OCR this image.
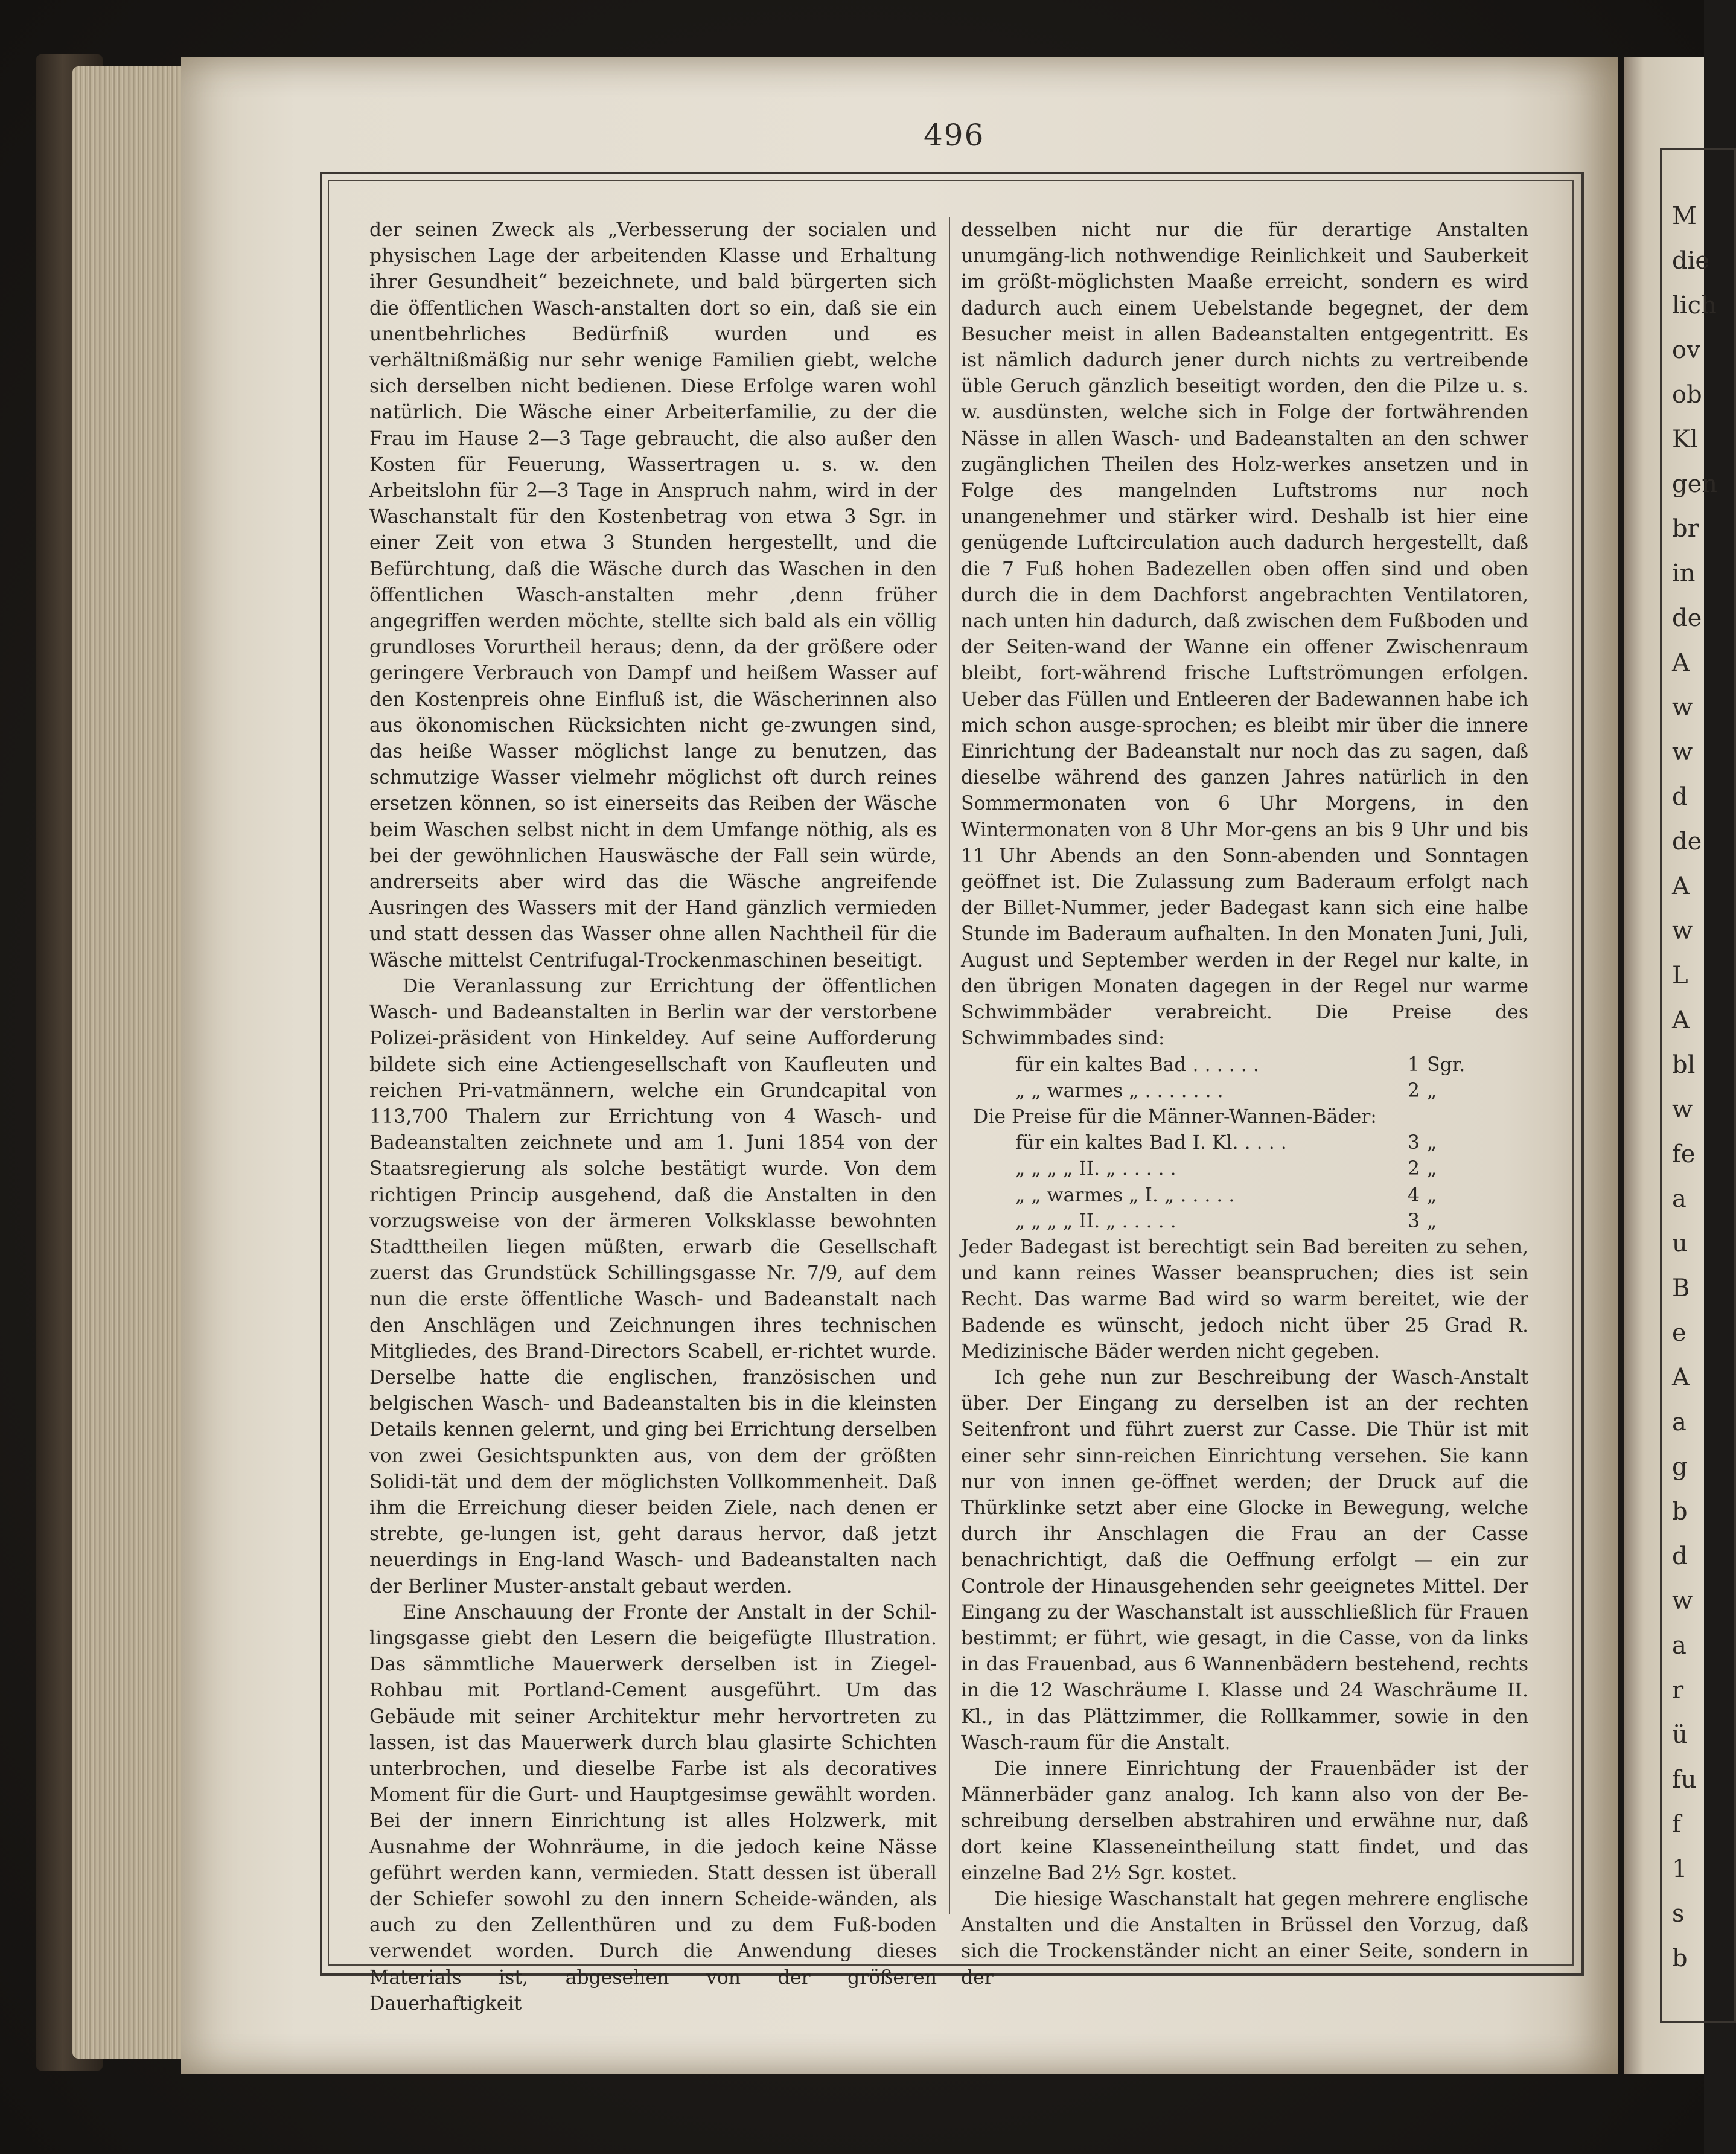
M
die
lich
ov
ob
Kl
gen
br
in
de
A
w
w
d
de
A
w
L
A
bl
w
fe
a
u
B
e
A
a
g
b
d
w
a
r
ü
fu
f
1
s
b
496

der seinen Zweck als „Verbesserung der socialen und physischen Lage der arbeitenden Klasse und Erhaltung ihrer Gesundheit“ bezeichnete, und bald bürgerten sich die öffentlichen Wasch-anstalten dort so ein, daß sie ein unentbehrliches Bedürfniß wurden und es verhältnißmäßig nur sehr wenige Familien giebt, welche sich derselben nicht bedienen. Diese Erfolge waren wohl natürlich. Die Wäsche einer Arbeiterfamilie, zu der die Frau im Hause 2—3 Tage gebraucht, die also außer den Kosten für Feuerung, Wassertragen u. s. w. den Arbeitslohn für 2—3 Tage in Anspruch nahm, wird in der Waschanstalt für den Kostenbetrag von etwa 3 Sgr. in einer Zeit von etwa 3 Stunden hergestellt, und die Befürchtung, daß die Wäsche durch das Waschen in den öffentlichen Wasch-anstalten mehr ,denn früher angegriffen werden möchte, stellte sich bald als ein völlig grundloses Vorurtheil heraus; denn, da der größere oder geringere Verbrauch von Dampf und heißem Wasser auf den Kostenpreis ohne Einfluß ist, die Wäscherinnen also aus ökonomischen Rücksichten nicht ge-zwungen sind, das heiße Wasser möglichst lange zu benutzen, das schmutzige Wasser vielmehr möglichst oft durch reines ersetzen können, so ist einerseits das Reiben der Wäsche beim Waschen selbst nicht in dem Umfange nöthig, als es bei der gewöhnlichen Hauswäsche der Fall sein würde, andrerseits aber wird das die Wäsche angreifende Ausringen des Wassers mit der Hand gänzlich vermieden und statt dessen das Wasser ohne allen Nachtheil für die Wäsche mittelst Centrifugal-Trockenmaschinen beseitigt.

Die Veranlassung zur Errichtung der öffentlichen Wasch- und Badeanstalten in Berlin war der verstorbene Polizei-präsident von Hinkeldey. Auf seine Aufforderung bildete sich eine Actiengesellschaft von Kaufleuten und reichen Pri-vatmännern, welche ein Grundcapital von 113,700 Thalern zur Errichtung von 4 Wasch- und Badeanstalten zeichnete und am 1. Juni 1854 von der Staatsregierung als solche bestätigt wurde. Von dem richtigen Princip ausgehend, daß die Anstalten in den vorzugsweise von der ärmeren Volksklasse bewohnten Stadttheilen liegen müßten, erwarb die Gesellschaft zuerst das Grundstück Schillingsgasse Nr. 7/9, auf dem nun die erste öffentliche Wasch- und Badeanstalt nach den Anschlägen und Zeichnungen ihres technischen Mitgliedes, des Brand-Directors Scabell, er-richtet wurde. Derselbe hatte die englischen, französischen und belgischen Wasch- und Badeanstalten bis in die kleinsten Details kennen gelernt, und ging bei Errichtung derselben von zwei Gesichtspunkten aus, von dem der größten Solidi-tät und dem der möglichsten Vollkommenheit. Daß ihm die Erreichung dieser beiden Ziele, nach denen er strebte, ge-lungen ist, geht daraus hervor, daß jetzt neuerdings in Eng-land Wasch- und Badeanstalten nach der Berliner Muster-anstalt gebaut werden.

Eine Anschauung der Fronte der Anstalt in der Schil-lingsgasse giebt den Lesern die beigefügte Illustration. Das sämmtliche Mauerwerk derselben ist in Ziegel-Rohbau mit Portland-Cement ausgeführt. Um das Gebäude mit seiner Architektur mehr hervortreten zu lassen, ist das Mauerwerk durch blau glasirte Schichten unterbrochen, und dieselbe Farbe ist als decoratives Moment für die Gurt- und Hauptgesimse gewählt worden. Bei der innern Einrichtung ist alles Holzwerk, mit Ausnahme der Wohnräume, in die jedoch keine Nässe geführt werden kann, vermieden. Statt dessen ist überall der Schiefer sowohl zu den innern Scheide-wänden, als auch zu den Zellenthüren und zu dem Fuß-boden verwendet worden. Durch die Anwendung dieses Materials ist, abgesehen von der größeren Dauerhaftigkeit

desselben nicht nur die für derartige Anstalten unumgäng-lich nothwendige Reinlichkeit und Sauberkeit im größt-möglichsten Maaße erreicht, sondern es wird dadurch auch einem Uebelstande begegnet, der dem Besucher meist in allen Badeanstalten entgegentritt. Es ist nämlich dadurch jener durch nichts zu vertreibende üble Geruch gänzlich beseitigt worden, den die Pilze u. s. w. ausdünsten, welche sich in Folge der fortwährenden Nässe in allen Wasch- und Badeanstalten an den schwer zugänglichen Theilen des Holz-werkes ansetzen und in Folge des mangelnden Luftstroms nur noch unangenehmer und stärker wird. Deshalb ist hier eine genügende Luftcirculation auch dadurch hergestellt, daß die 7 Fuß hohen Badezellen oben offen sind und oben durch die in dem Dachforst angebrachten Ventilatoren, nach unten hin dadurch, daß zwischen dem Fußboden und der Seiten-wand der Wanne ein offener Zwischenraum bleibt, fort-während frische Luftströmungen erfolgen. Ueber das Füllen und Entleeren der Badewannen habe ich mich schon ausge-sprochen; es bleibt mir über die innere Einrichtung der Badeanstalt nur noch das zu sagen, daß dieselbe während des ganzen Jahres natürlich in den Sommermonaten von 6 Uhr Morgens, in den Wintermonaten von 8 Uhr Mor-gens an bis 9 Uhr und bis 11 Uhr Abends an den Sonn-abenden und Sonntagen geöffnet ist. Die Zulassung zum Baderaum erfolgt nach der Billet-Nummer, jeder Badegast kann sich eine halbe Stunde im Baderaum aufhalten. In den Monaten Juni, Juli, August und September werden in der Regel nur kalte, in den übrigen Monaten dagegen in der Regel nur warme Schwimmbäder verabreicht. Die Preise des Schwimmbades sind:

für ein kaltes Bad . . . . . .	1 Sgr.
„ „ warmes „ . . . . . . .	2 „
Die Preise für die Männer-Wannen-Bäder:
für ein kaltes Bad I. Kl. . . . .	3 „
„ „ „ „ II. „ . . . . .	2 „
„ „ warmes „ I. „ . . . . .	4 „
„ „ „ „ II. „ . . . . .	3 „

Jeder Badegast ist berechtigt sein Bad bereiten zu sehen, und kann reines Wasser beanspruchen; dies ist sein Recht. Das warme Bad wird so warm bereitet, wie der Badende es wünscht, jedoch nicht über 25 Grad R. Medizinische Bäder werden nicht gegeben.

Ich gehe nun zur Beschreibung der Wasch-Anstalt über. Der Eingang zu derselben ist an der rechten Seitenfront und führt zuerst zur Casse. Die Thür ist mit einer sehr sinn-reichen Einrichtung versehen. Sie kann nur von innen ge-öffnet werden; der Druck auf die Thürklinke setzt aber eine Glocke in Bewegung, welche durch ihr Anschlagen die Frau an der Casse benachrichtigt, daß die Oeffnung erfolgt — ein zur Controle der Hinausgehenden sehr geeignetes Mittel. Der Eingang zu der Waschanstalt ist ausschließlich für Frauen bestimmt; er führt, wie gesagt, in die Casse, von da links in das Frauenbad, aus 6 Wannenbädern bestehend, rechts in die 12 Waschräume I. Klasse und 24 Waschräume II. Kl., in das Plättzimmer, die Rollkammer, sowie in den Wasch-raum für die Anstalt.

Die innere Einrichtung der Frauenbäder ist der Männerbäder ganz analog. Ich kann also von der Be-schreibung derselben abstrahiren und erwähne nur, daß dort keine Klasseneintheilung statt findet, und das einzelne Bad 2½ Sgr. kostet.

Die hiesige Waschanstalt hat gegen mehrere englische Anstalten und die Anstalten in Brüssel den Vorzug, daß sich die Trockenständer nicht an einer Seite, sondern in der
